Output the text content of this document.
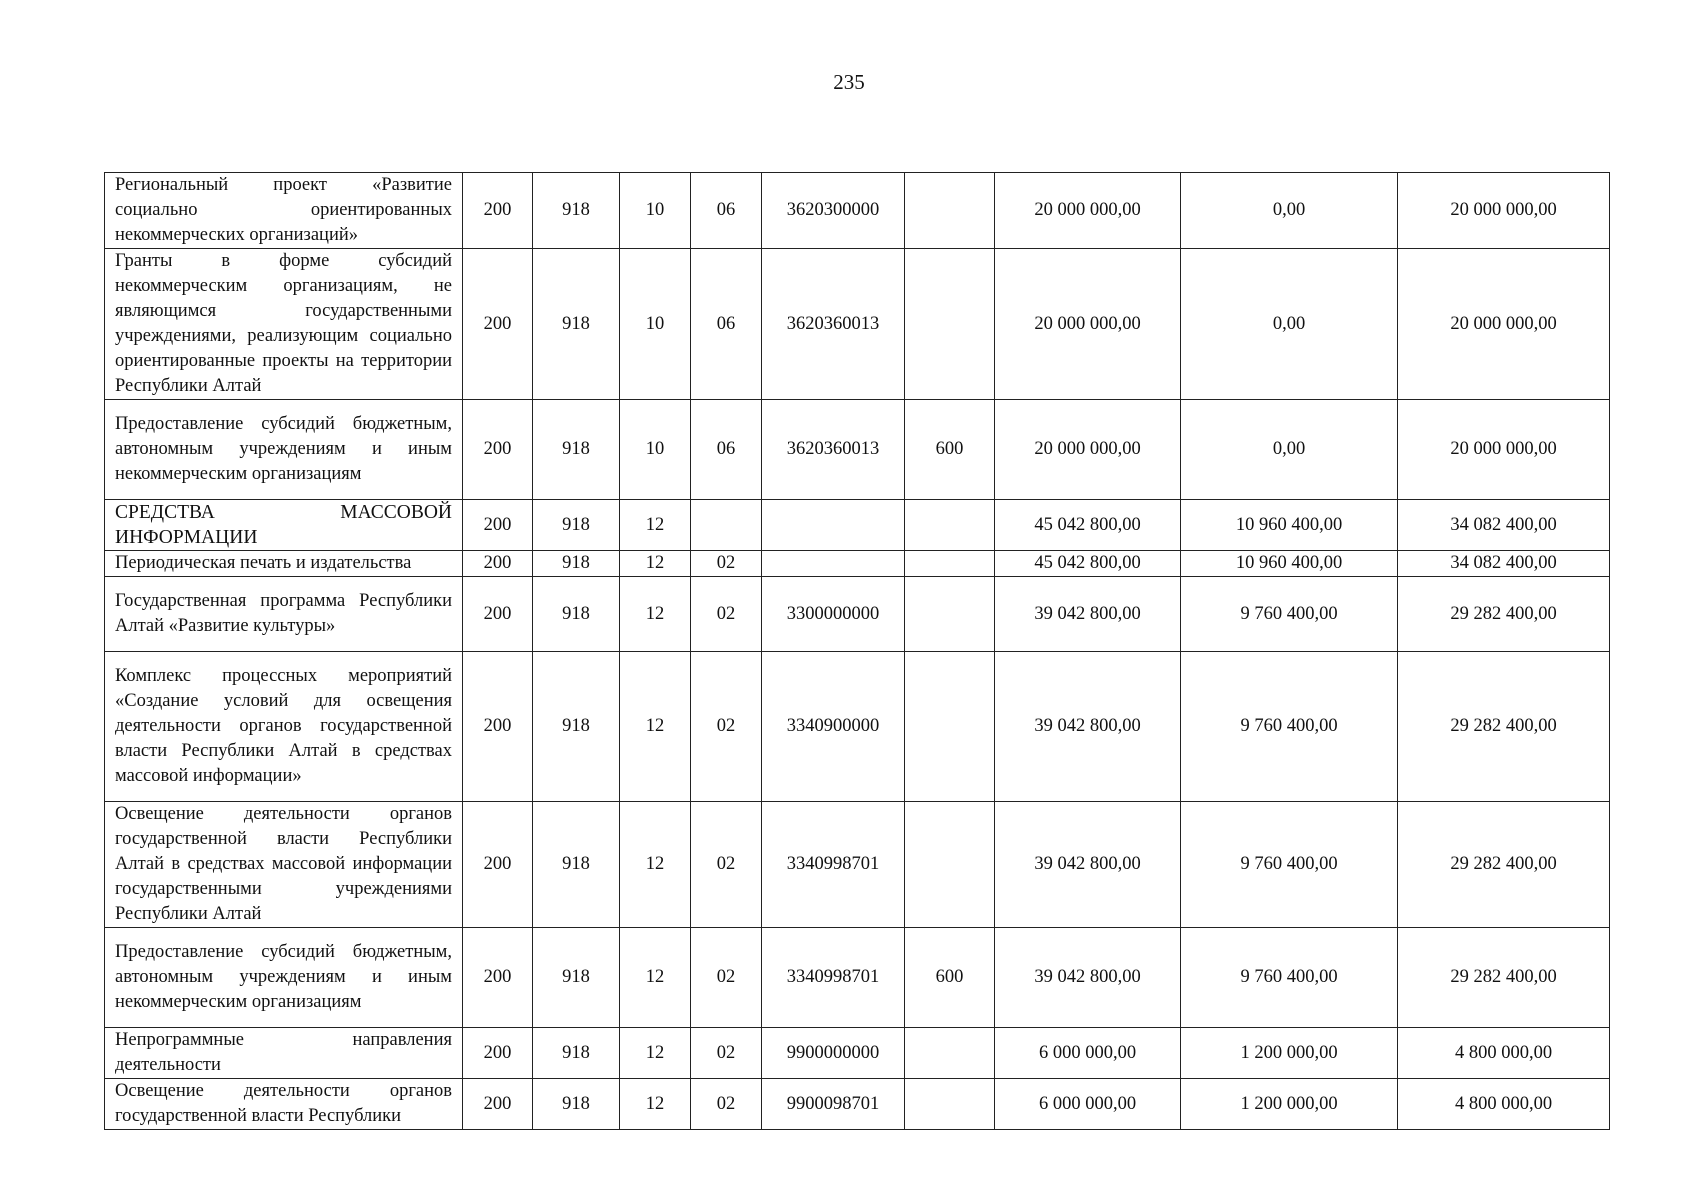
235
Региональный проект «Развитие социально ориентированных некоммерческих организаций»	200	918	10	06	3620300000		20 000 000,00	0,00	20 000 000,00
Гранты в форме субсидий некоммерческим организациям, не являющимся государственными учреждениями, реализующим социально ориентированные проекты на территории Республики Алтай	200	918	10	06	3620360013		20 000 000,00	0,00	20 000 000,00
Предоставление субсидий бюджетным, автономным учреждениям и иным некоммерческим организациям	200	918	10	06	3620360013	600	20 000 000,00	0,00	20 000 000,00
СРЕДСТВА МАССОВОЙ ИНФОРМАЦИИ	200	918	12				45 042 800,00	10 960 400,00	34 082 400,00
Периодическая печать и издательства	200	918	12	02			45 042 800,00	10 960 400,00	34 082 400,00
Государственная программа Республики Алтай «Развитие культуры»	200	918	12	02	3300000000		39 042 800,00	9 760 400,00	29 282 400,00
Комплекс процессных мероприятий «Создание условий для освещения деятельности органов государственной власти Республики Алтай в средствах массовой информации»	200	918	12	02	3340900000		39 042 800,00	9 760 400,00	29 282 400,00
Освещение деятельности органов государственной власти Республики Алтай в средствах массовой информации государственными учреждениями Республики Алтай	200	918	12	02	3340998701		39 042 800,00	9 760 400,00	29 282 400,00
Предоставление субсидий бюджетным, автономным учреждениям и иным некоммерческим организациям	200	918	12	02	3340998701	600	39 042 800,00	9 760 400,00	29 282 400,00
Непрограммные направления деятельности	200	918	12	02	9900000000		6 000 000,00	1 200 000,00	4 800 000,00
Освещение деятельности органов государственной власти Республики	200	918	12	02	9900098701		6 000 000,00	1 200 000,00	4 800 000,00
